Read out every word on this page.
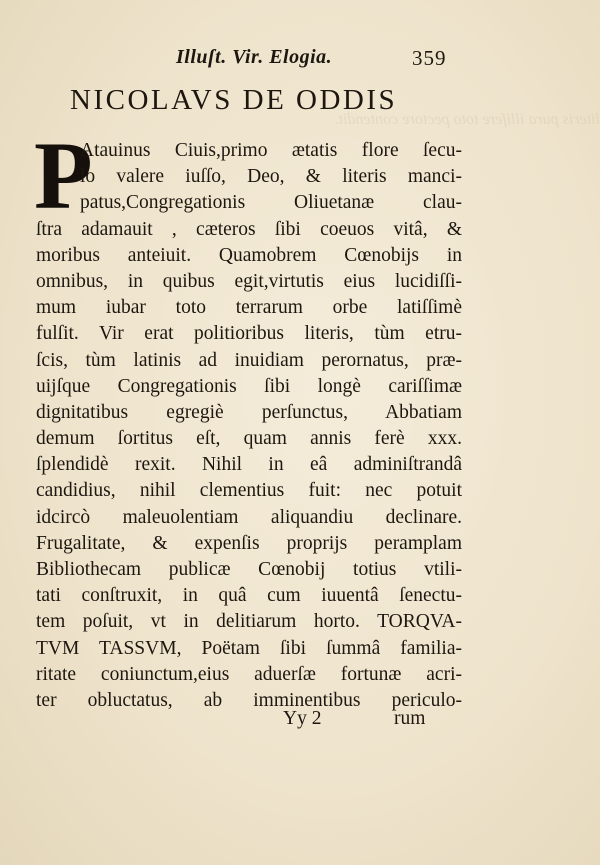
literis pura illiſere toto pectore contendit.
Illuſt. Vir. Elogia.	359
NICOLAVS DE ODDIS
P
Atauinus Ciuis,primo ætatis flore ſecu-
lo valere iuſſo, Deo, & literis manci-
patus,Congregationis Oliuetanæ clau-
ſtra adamauit , cæteros ſibi coeuos vitâ, &
moribus anteiuit. Quamobrem Cœnobijs in
omnibus, in quibus egit,virtutis eius lucidiſſi-
mum iubar toto terrarum orbe latiſſimè
fulſit. Vir erat politioribus literis, tùm etru-
ſcis, tùm latinis ad inuidiam perornatus, præ-
uijſque Congregationis ſibi longè cariſſimæ
dignitatibus egregiè perſunctus, Abbatiam
demum ſortitus eſt, quam annis ferè xxx.
ſplendidè rexit. Nihil in eâ adminiſtrandâ
candidius, nihil clementius fuit: nec potuit
idcircò maleuolentiam aliquandiu declinare.
Frugalitate, & expenſis proprijs peramplam
Bibliothecam publicæ Cœnobij totius vtili-
tati conſtruxit, in quâ cum iuuentâ ſenectu-
tem poſuit, vt in delitiarum horto. TORQVA-
TVM TASSVM, Poëtam ſibi ſummâ familia-
ritate coniunctum,eius aduerſæ fortunæ acri-
ter obluctatus, ab imminentibus periculo-
Yy 2	rum
